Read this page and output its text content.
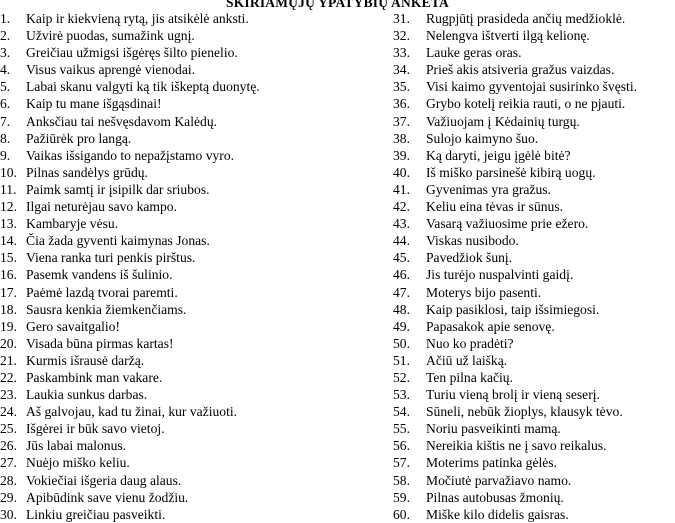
SKIRIAMŲJŲ YPATYBIŲ ANKETA
1. Kaip ir kiekvieną rytą, jis atsikėlė anksti.
2. Užvirė puodas, sumažink ugnį.
3. Greičiau užmigsi išgėręs šilto pienelio.
4. Visus vaikus aprengė vienodai.
5. Labai skanu valgyti ką tik iškeptą duonytę.
6. Kaip tu mane išgąsdinai!
7. Anksčiau tai nešvęsdavom Kalėdų.
8. Pažiūrėk pro langą.
9. Vaikas išsigando to nepažįstamo vyro.
10. Pilnas sandėlys grūdų.
11. Paimk samtį ir įsipilk dar sriubos.
12. Ilgai neturėjau savo kampo.
13. Kambaryje vėsu.
14. Čia žada gyventi kaimynas Jonas.
15. Viena ranka turi penkis pirštus.
16. Pasemk vandens iš šulinio.
17. Paėmė lazdą tvorai paremti.
18. Sausra kenkia žiemkenčiams.
19. Gero savaitgalio!
20. Visada būna pirmas kartas!
21. Kurmis išrausė daržą.
22. Paskambink man vakare.
23. Laukia sunkus darbas.
24. Aš galvojau, kad tu žinai, kur važiuoti.
25. Išgėrei ir būk savo vietoj.
26. Jūs labai malonus.
27. Nuėjo miško keliu.
28. Vokiečiai išgeria daug alaus.
29. Apibūdink save vienu žodžiu.
30. Linkiu greičiau pasveikti.
31. Rugpjūtį prasideda ančių medžioklė.
32. Nelengva ištverti ilgą kelionę.
33. Lauke geras oras.
34. Prieš akis atsiveria gražus vaizdas.
35. Visi kaimo gyventojai susirinko švęsti.
36. Grybo kotelį reikia rauti, o ne pjauti.
37. Važiuojam į Kėdainių turgų.
38. Sulojo kaimyno šuo.
39. Ką daryti, jeigu įgėlė bitė?
40. Iš miško parsinešė kibirą uogų.
41. Gyvenimas yra gražus.
42. Keliu eina tėvas ir sūnus.
43. Vasarą važiuosime prie ežero.
44. Viskas nusibodo.
45. Pavedžiok šunį.
46. Jis turėjo nuspalvinti gaidį.
47. Moterys bijo pasenti.
48. Kaip pasiklosi, taip išsimiegosi.
49. Papasakok apie senovę.
50. Nuo ko pradėti?
51. Ačiū už laišką.
52. Ten pilna kačių.
53. Turiu vieną brolį ir vieną seserį.
54. Sūneli, nebūk žioplys, klausyk tėvo.
55. Noriu pasveikinti mamą.
56. Nereikia kištis ne į savo reikalus.
57. Moterims patinka gėlės.
58. Močiutė parvažiavo namo.
59. Pilnas autobusas žmonių.
60. Miške kilo didelis gaisras.
